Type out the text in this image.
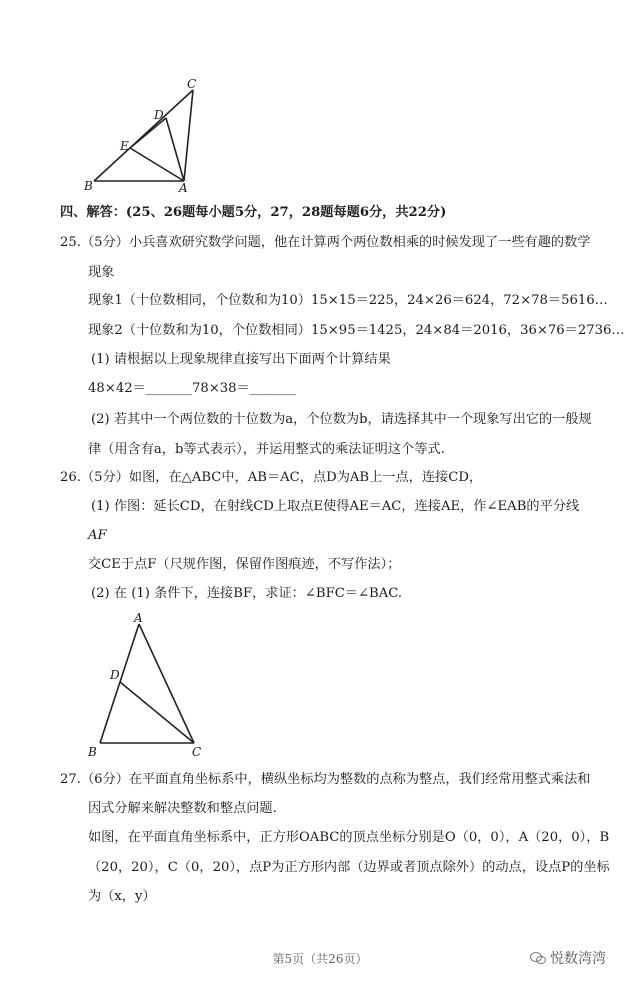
C
D
E
B	A
四、解答：(25、26题每小题5分，27，28题每题6分，共22分)
25.（5分）小兵喜欢研究数学问题，他在计算两个两位数相乘的时候发现了一些有趣的数学
现象
现象1（十位数相同，个位数和为10）15×15＝225，24×26＝624，72×78＝5616…
现象2（十位数和为10，个位数相同）15×95＝1425，24×84＝2016，36×76＝2736…
(1) 请根据以上现象规律直接写出下面两个计算结果
48×42＝_______78×38＝_______
(2) 若其中一个两位数的十位数为a，个位数为b，请选择其中一个现象写出它的一般规
律（用含有a，b等式表示），并运用整式的乘法证明这个等式.
26.（5分）如图，在△ABC中，AB＝AC，点D为AB上一点，连接CD，
(1) 作图：延长CD，在射线CD上取点E使得AE＝AC，连接AE，作∠EAB的平分线
AF
交CE于点F（尺规作图，保留作图痕迹，不写作法）；
(2) 在 (1) 条件下，连接BF，求证：∠BFC＝∠BAC.
A
D
B	C
27.（6分）在平面直角坐标系中，横纵坐标均为整数的点称为整点，我们经常用整式乘法和
因式分解来解决整数和整点问题.
如图，在平面直角坐标系中，正方形OABC的顶点坐标分别是O（0，0），A（20，0），B
（20，20），C（0，20），点P为正方形内部（边界或者顶点除外）的动点，设点P的坐标
为（x，y）
第5页（共26页）	悦数湾湾
